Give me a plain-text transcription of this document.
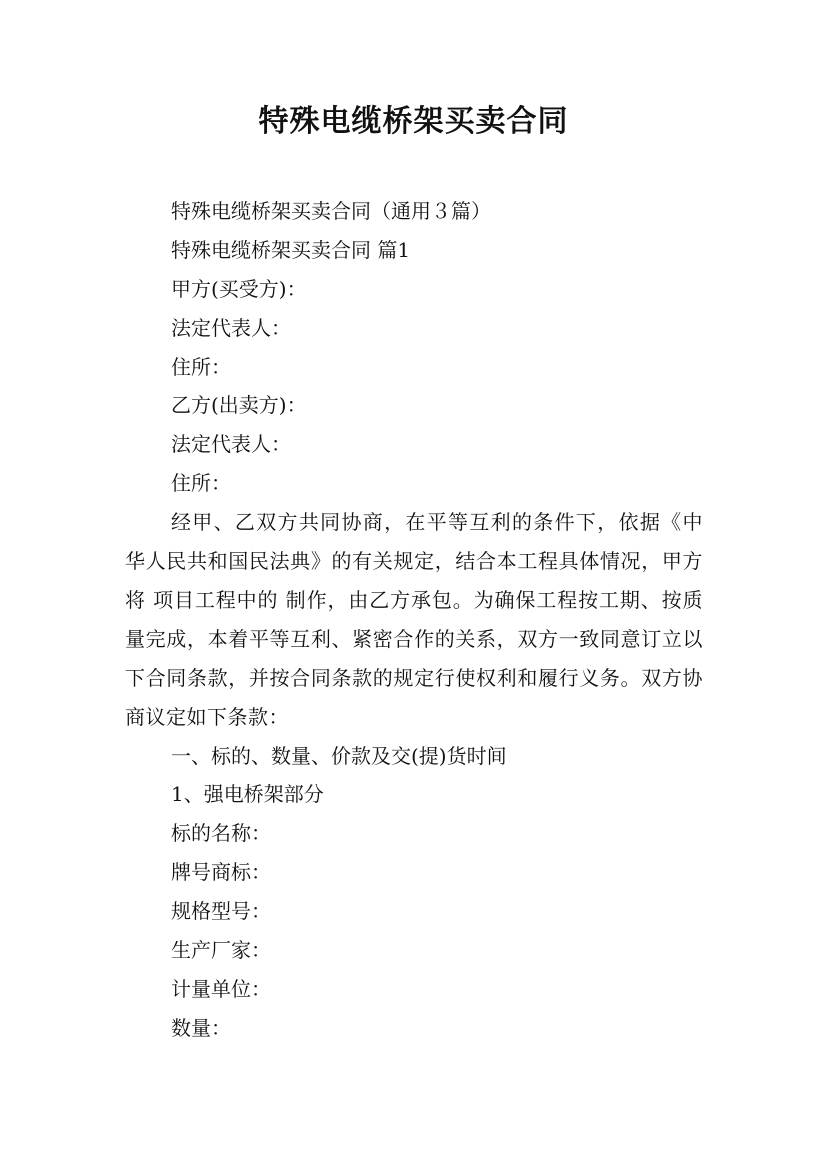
特殊电缆桥架买卖合同
特殊电缆桥架买卖合同（通用３篇）
特殊电缆桥架买卖合同 篇1
甲方(买受方)：
法定代表人：
住所：
乙方(出卖方)：
法定代表人：
住所：

经甲、乙双方共同协商，在平等互利的条件下，依据《中华人民共和国民法典》的有关规定，结合本工程具体情况，甲方将 项目工程中的 制作，由乙方承包。为确保工程按工期、按质量完成，本着平等互利、紧密合作的关系，双方一致同意订立以下合同条款，并按合同条款的规定行使权利和履行义务。双方协商议定如下条款：

一、标的、数量、价款及交(提)货时间
1、强电桥架部分
标的名称：
牌号商标：
规格型号：
生产厂家：
计量单位：
数量：
